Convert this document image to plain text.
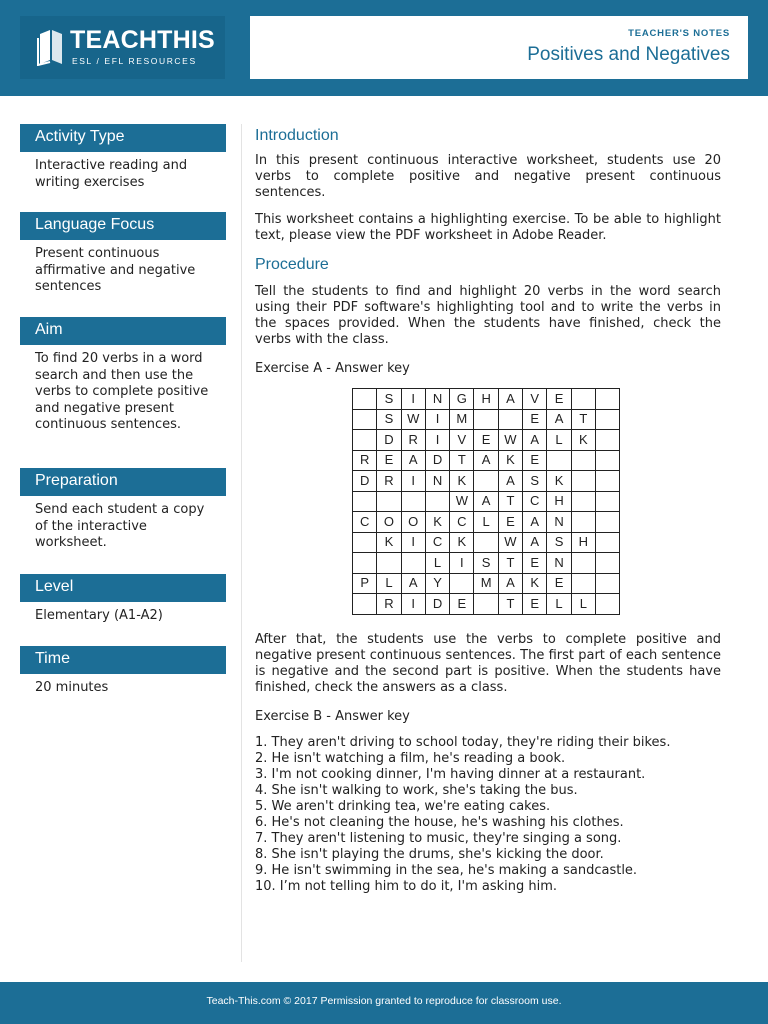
TEACHTHIS
ESL / EFL RESOURCES
TEACHER'S NOTES
Positives and Negatives
Activity Type
Interactive reading and writing exercises
Language Focus
Present continuous affirmative and negative sentences
Aim
To find 20 verbs in a word search and then use the verbs to complete positive and negative present continuous sentences.
Preparation
Send each student a copy of the interactive worksheet.
Level
Elementary (A1-A2)
Time
20 minutes
Introduction

In this present continuous interactive worksheet, students use 20 verbs to complete positive and negative present continuous sentences.

This worksheet contains a highlighting exercise. To be able to highlight text, please view the PDF worksheet in Adobe Reader.

Procedure

Tell the students to find and highlight 20 verbs in the word search using their PDF software's highlighting tool and to write the verbs in the spaces provided. When the students have finished, check the verbs with the class.

Exercise A - Answer key

	S	I	N	G	H	A	V	E		
	S	W	I	M			E	A	T	
	D	R	I	V	E	W	A	L	K	
R	E	A	D	T	A	K	E			
D	R	I	N	K		A	S	K		
				W	A	T	C	H		
C	O	O	K	C	L	E	A	N		
	K	I	C	K		W	A	S	H	
			L	I	S	T	E	N		
P	L	A	Y		M	A	K	E		
	R	I	D	E		T	E	L	L	

After that, the students use the verbs to complete positive and negative present continuous sentences. The first part of each sentence is negative and the second part is positive. When the students have finished, check the answers as a class.

Exercise B - Answer key

1. They aren't driving to school today, they're riding their bikes.
2. He isn't watching a film, he's reading a book.
3. I'm not cooking dinner, I'm having dinner at a restaurant.
4. She isn't walking to work, she's taking the bus.
5. We aren't drinking tea, we're eating cakes.
6. He's not cleaning the house, he's washing his clothes.
7. They aren't listening to music, they're singing a song.
8. She isn't playing the drums, she's kicking the door.
9. He isn't swimming in the sea, he's making a sandcastle.
10. I’m not telling him to do it, I'm asking him.
Teach-This.com © 2017 Permission granted to reproduce for classroom use.
